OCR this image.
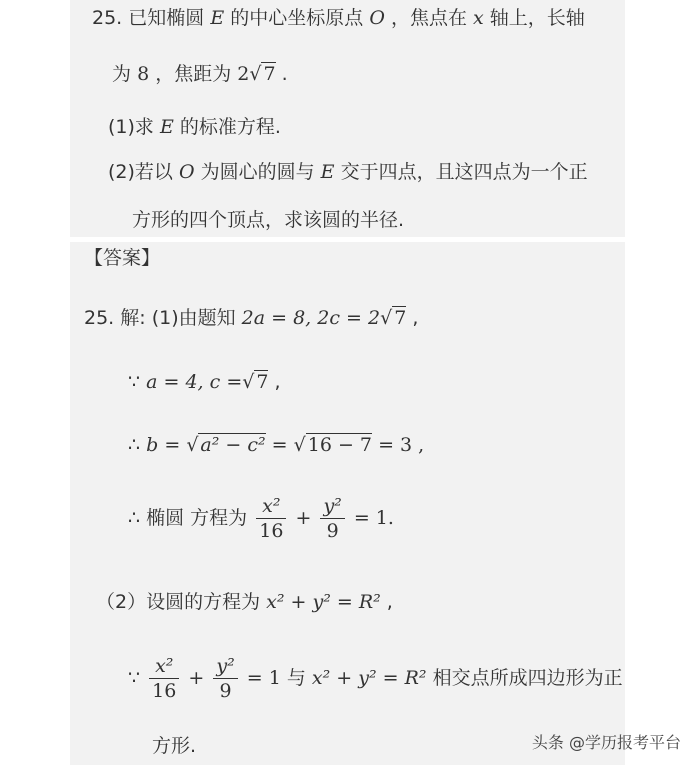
25. 已知椭圆 E 的中心坐标原点 O ，焦点在 x 轴上，长轴
为 8 ，焦距为 2√ 7 .
(1)求 E 的标准方程.
(2)若以 O 为圆心的圆与 E 交于四点，且这四点为一个正
方形的四个顶点，求该圆的半径.
【答案】
25. 解: (1)由题知 2a = 8, 2c = 2√ 7 ,
∵ a = 4, c =√ 7 ,
∴ b = √ a² − c² = √ 16 − 7 = 3 ,
∴ 椭圆 方程为 $\frac{\text{x²}}{16} + \frac{\text{y²}}{9} = 1$.
（2）设圆的方程为 x² + y² = R² ,
∵ $\frac{\text{x²}}{16} + \frac{\text{y²}}{9} = 1$ 与 x² + y² = R² 相交点所成四边形为正
方形.	头条 @学历报考平台
